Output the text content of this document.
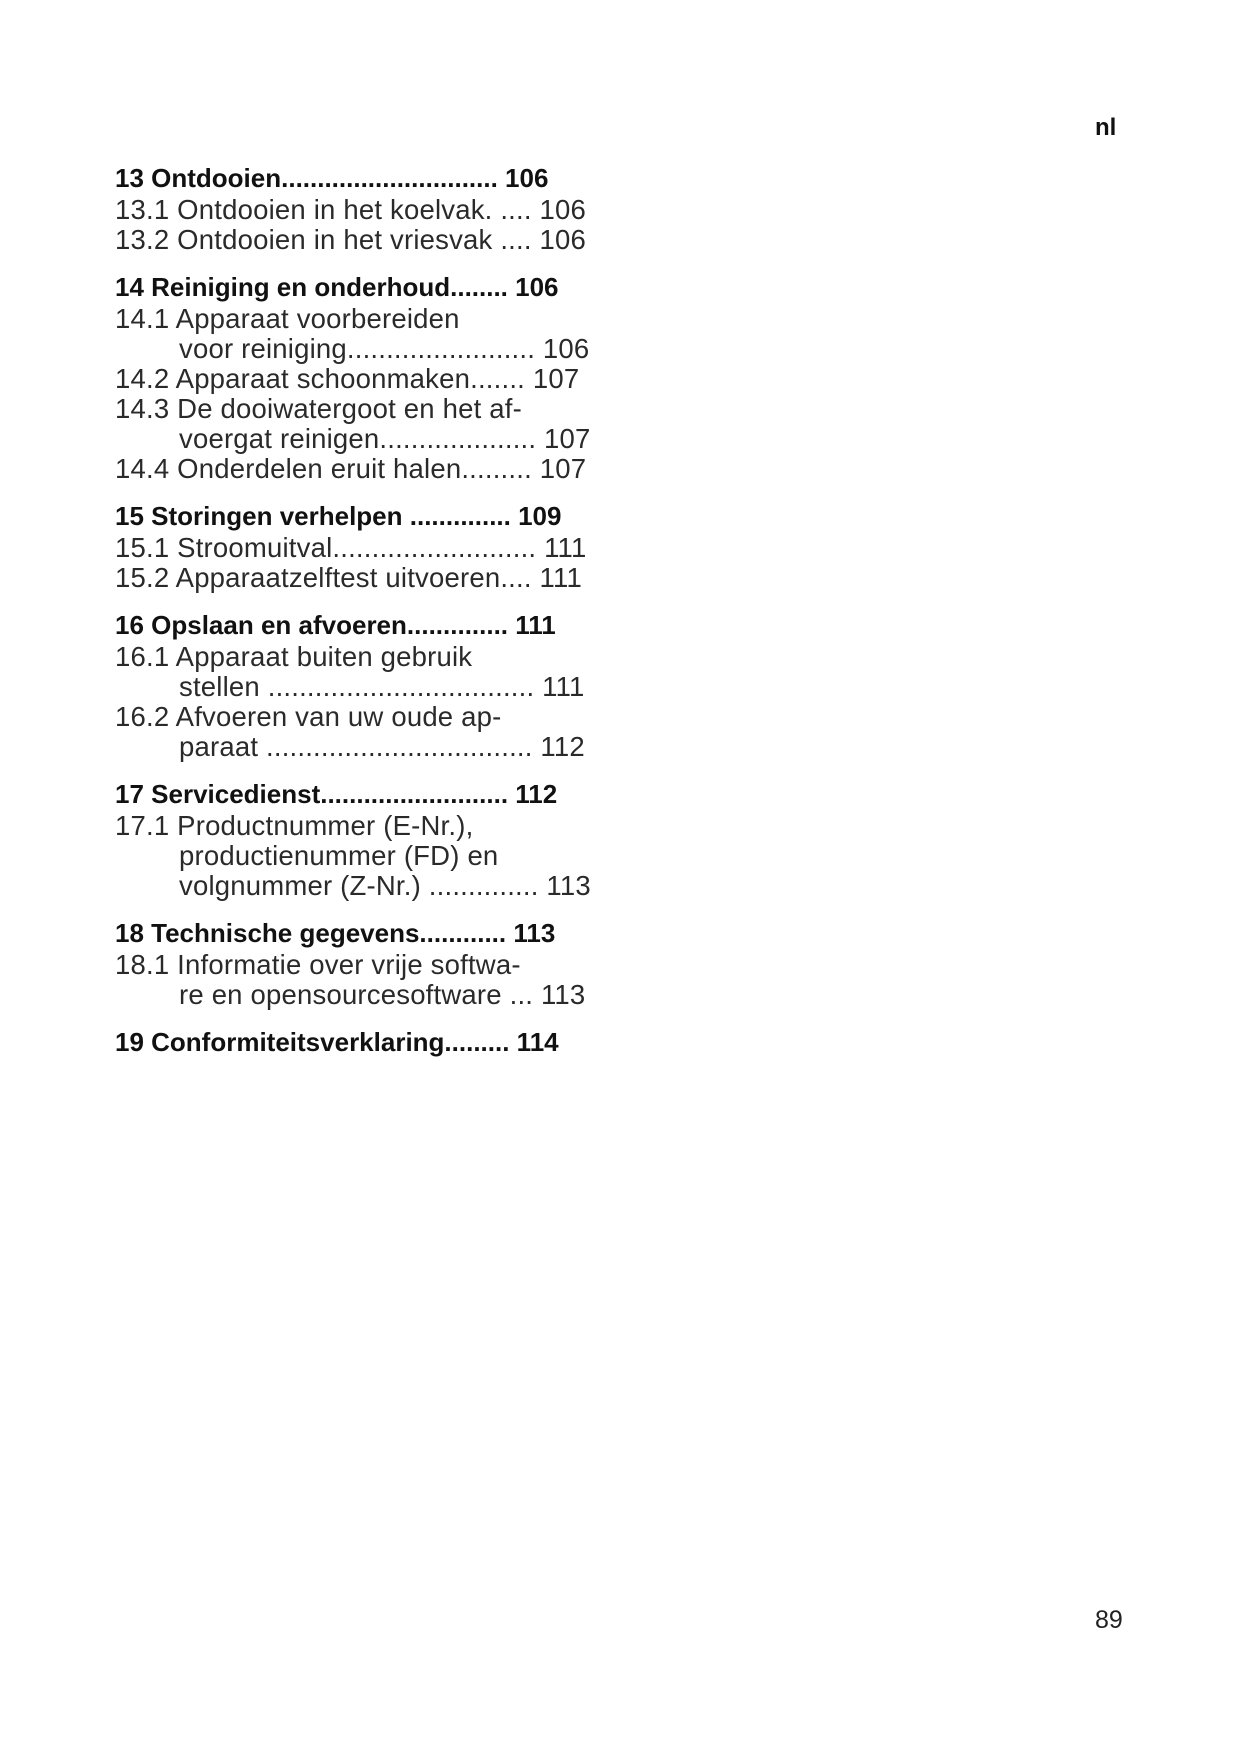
nl
13 Ontdooien.............................. 106
13.1 Ontdooien in het koelvak. .... 106
13.2 Ontdooien in het vriesvak .... 106
14 Reiniging en onderhoud........ 106
14.1 Apparaat voorbereiden
voor reiniging........................ 106
14.2 Apparaat schoonmaken....... 107
14.3 De dooiwatergoot en het af-
voergat reinigen.................... 107
14.4 Onderdelen eruit halen......... 107
15 Storingen verhelpen .............. 109
15.1 Stroomuitval.......................... 111
15.2 Apparaatzelftest uitvoeren.... 111
16 Opslaan en afvoeren.............. 111
16.1 Apparaat buiten gebruik
stellen .................................. 111
16.2 Afvoeren van uw oude ap-
paraat .................................. 112
17 Servicedienst.......................... 112
17.1 Productnummer (E-Nr.),
productienummer (FD) en
volgnummer (Z-Nr.) .............. 113
18 Technische gegevens............ 113
18.1 Informatie over vrije softwa-
re en opensourcesoftware ... 113
19 Conformiteitsverklaring......... 114
89
